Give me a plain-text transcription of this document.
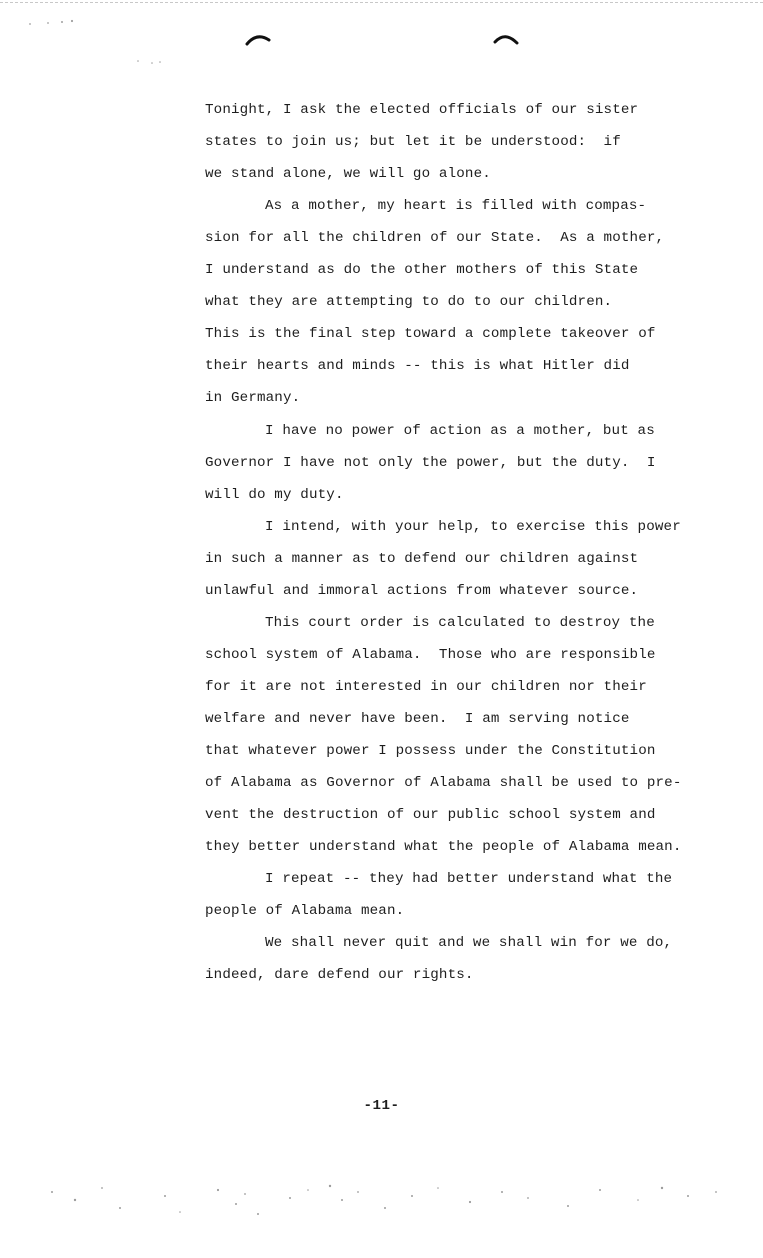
Tonight, I ask the elected officials of our sister
states to join us; but let it be understood:  if
we stand alone, we will go alone.
As a mother, my heart is filled with compas-
sion for all the children of our State.  As a mother,
I understand as do the other mothers of this State
what they are attempting to do to our children.
This is the final step toward a complete takeover of
their hearts and minds -- this is what Hitler did
in Germany.
I have no power of action as a mother, but as
Governor I have not only the power, but the duty.  I
will do my duty.
I intend, with your help, to exercise this power
in such a manner as to defend our children against
unlawful and immoral actions from whatever source.
This court order is calculated to destroy the
school system of Alabama.  Those who are responsible
for it are not interested in our children nor their
welfare and never have been.  I am serving notice
that whatever power I possess under the Constitution
of Alabama as Governor of Alabama shall be used to pre-
vent the destruction of our public school system and
they better understand what the people of Alabama mean.
I repeat -- they had better understand what the
people of Alabama mean.
We shall never quit and we shall win for we do,
indeed, dare defend our rights.
-11-
